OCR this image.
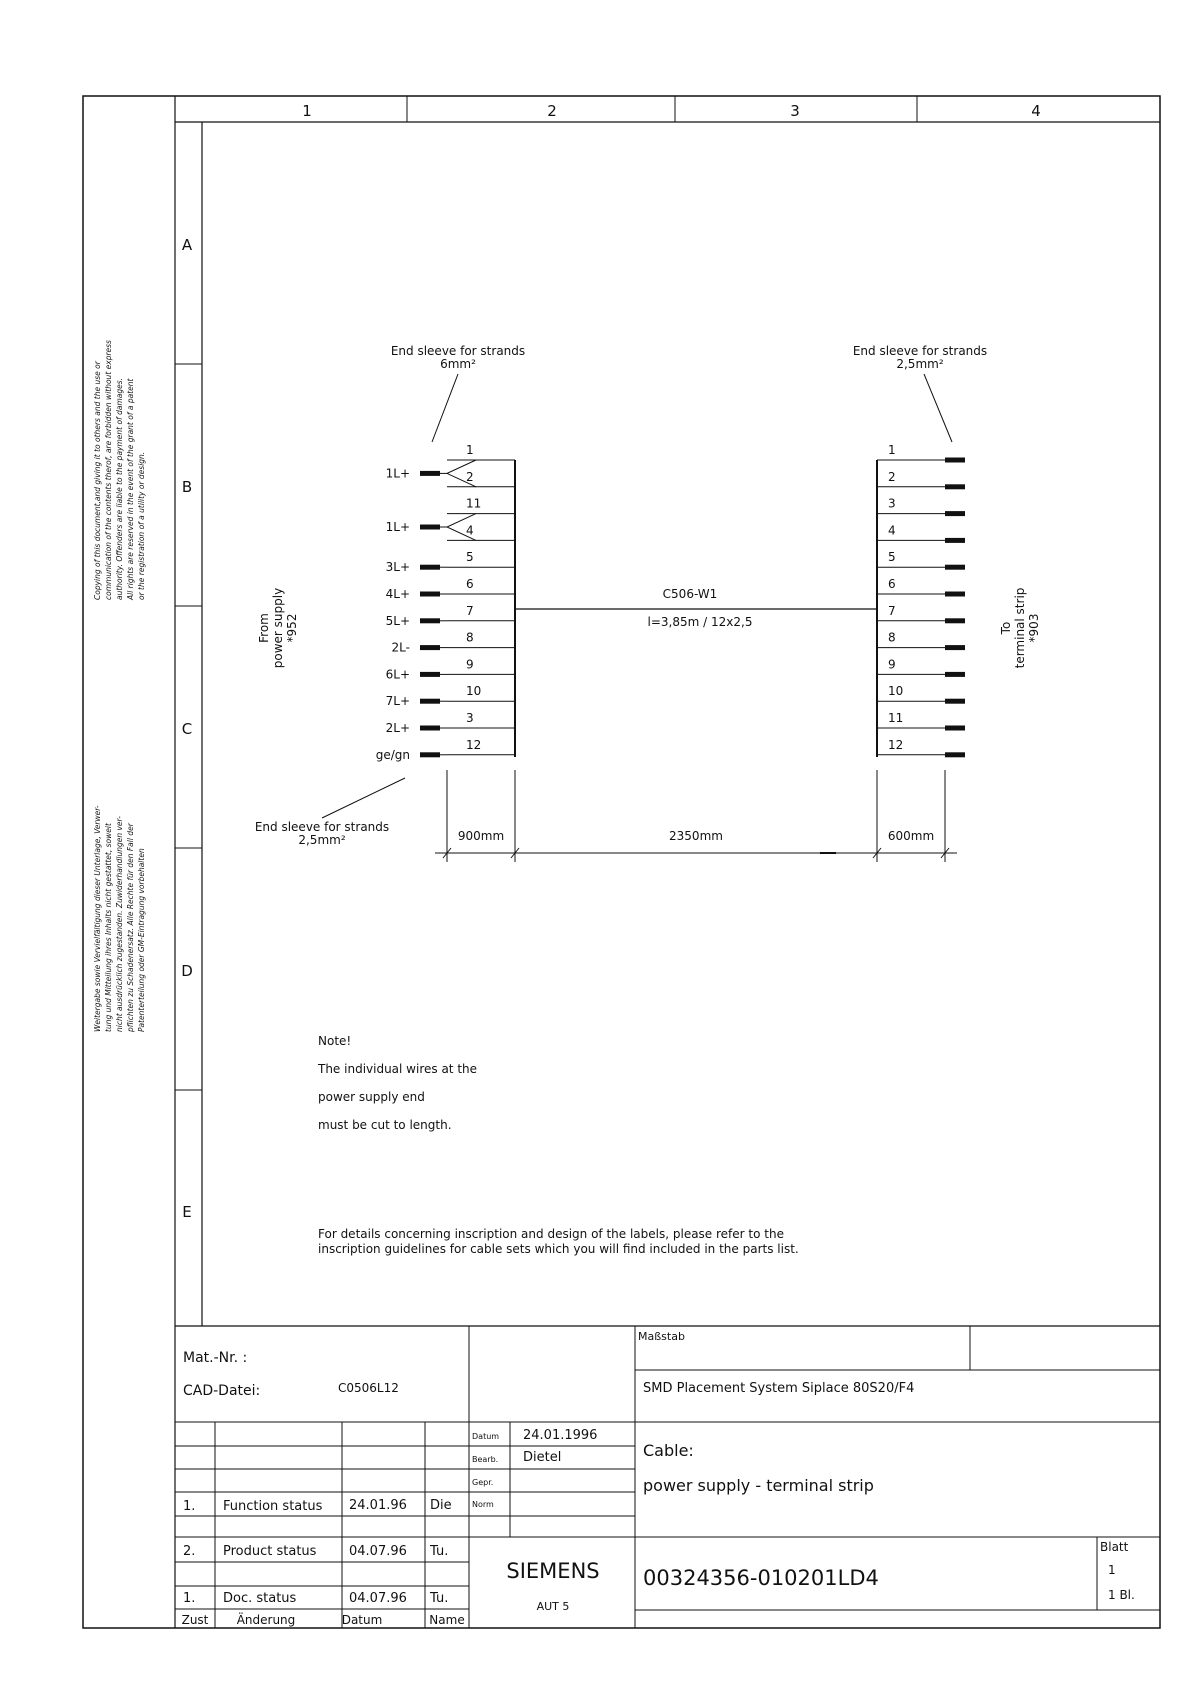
1	2	3	4
A
B
C
D
E
Copying of this document,and giving it to others and the use or communication of the contents therof, are forbidden without express authority. Offenders are liable to the payment of damages. All rights are reserved in the event of the grant of a patent or the registration of a utility or design.
Weitergabe sowie Vervielfältigung dieser Unterlage, Verwer- tung und Mitteilung ihres Inhalts nicht gestattet, soweit nicht ausdrücklich zugestanden. Zuwiderhandlungen ver- pflichten zu Schadenersatz. Alle Rechte für den Fall der Patenterteilung oder GM-Eintragung vorbehalten
End sleeve for strands
6mm²
End sleeve for strands
2,5mm²
End sleeve for strands
2,5mm²
From power supply *952	To terminal strip *903
1
2
11
4
5
6
7
8
9
10
3
12
1L+
1L+
3L+
4L+
5L+
2L-
6L+
7L+
2L+
ge/gn
1
2
3
4
5
6
7
8
9
10
11
12
C506-W1
l=3,85m / 12x2,5
900mm	2350mm	600mm
Note!
The individual wires at the
power supply end
must be cut to length.
For details concerning inscription and design of the labels, please refer to the
inscription guidelines for cable sets which you will find included in the parts list.
Mat.-Nr. :
CAD-Datei:	C0506L12
Maßstab
SMD Placement System Siplace 80S20/F4
Datum 24.01.1996
Bearb. Dietel
Gepr.
Norm
Cable:
power supply - terminal strip
1. Function status 24.01.96 Die
2. Product status	04.07.96 Tu.
1. Doc. status	04.07.96 Tu.
Zust Änderung	Datum	Name
SIEMENS
AUT 5
00324356-010201LD4
Blatt
1
1 Bl.
